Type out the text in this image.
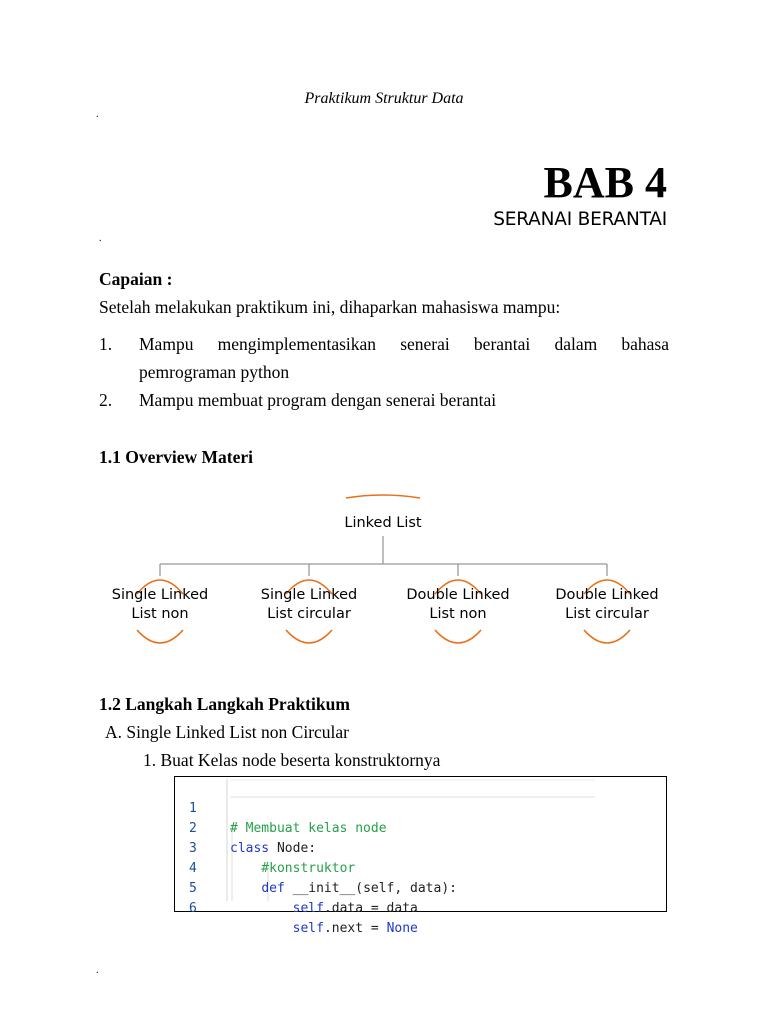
Praktikum Struktur Data
.
BAB 4
SERANAI BERANTAI
.
Capaian :
Setelah melakukan praktikum ini, dihaparkan mahasiswa mampu:
1.	Mampu mengimplementasikan senerai berantai dalam bahasa
pemrograman python
2.	Mampu membuat program dengan senerai berantai
1.1 Overview Materi
Linked List
Single Linked
List non
Single Linked
List circular
Double Linked
List non
Double Linked
List circular
1.2 Langkah Langkah Praktikum
A. Single Linked List non Circular
1. Buat Kelas node beserta konstruktornya

1

# Membuat kelas node

2

class Node:

3

#konstruktor

4

def __init__(self, data):

5

self.data = data

6

self.next = None

.
